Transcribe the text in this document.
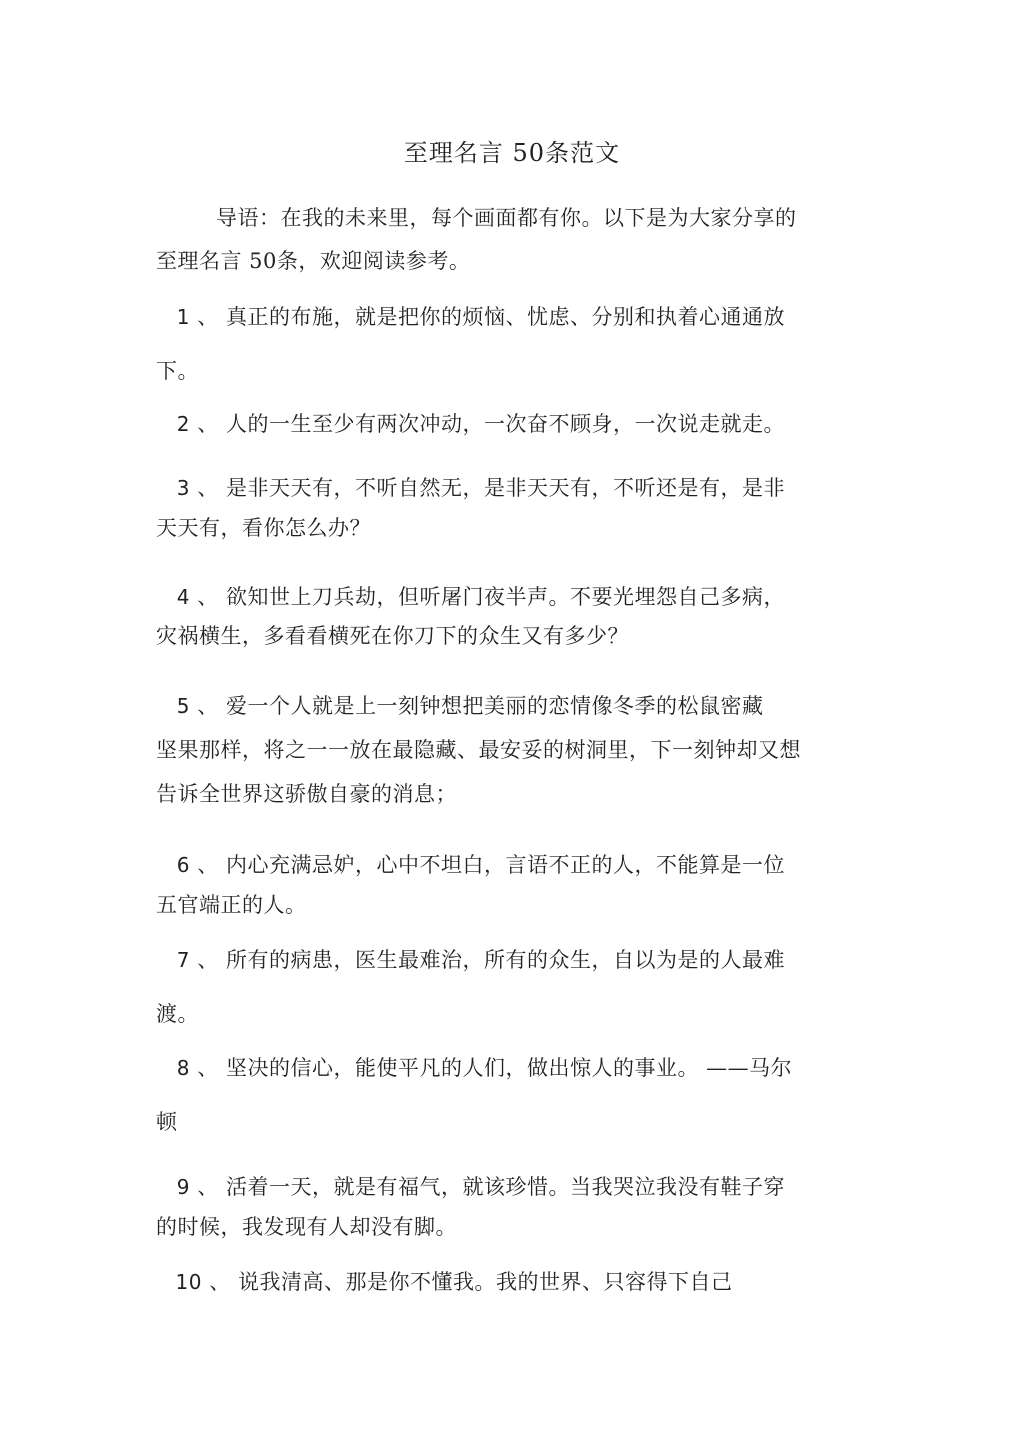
至理名言 50条范文
导语：在我的未来里，每个画面都有你。以下是为大家分享的
至理名言 50条，欢迎阅读参考。
1 、 真正的布施，就是把你的烦恼、忧虑、分别和执着心通通放
下。
2 、 人的一生至少有两次冲动，一次奋不顾身，一次说走就走。
3 、 是非天天有，不听自然无，是非天天有，不听还是有，是非
天天有，看你怎么办？
4 、 欲知世上刀兵劫，但听屠门夜半声。不要光埋怨自己多病，
灾祸横生，多看看横死在你刀下的众生又有多少？
5 、 爱一个人就是上一刻钟想把美丽的恋情像冬季的松鼠密藏
坚果那样，将之一一放在最隐藏、最安妥的树洞里，下一刻钟却又想
告诉全世界这骄傲自豪的消息；
6 、 内心充满忌妒，心中不坦白，言语不正的人，不能算是一位
五官端正的人。
7 、 所有的病患，医生最难治，所有的众生，自以为是的人最难
渡。
8 、 坚决的信心，能使平凡的人们，做出惊人的事业。 ——马尔
顿
9 、 活着一天，就是有福气，就该珍惜。当我哭泣我没有鞋子穿
的时候，我发现有人却没有脚。
10 、 说我清高、那是你不懂我。我的世界、只容得下自己
